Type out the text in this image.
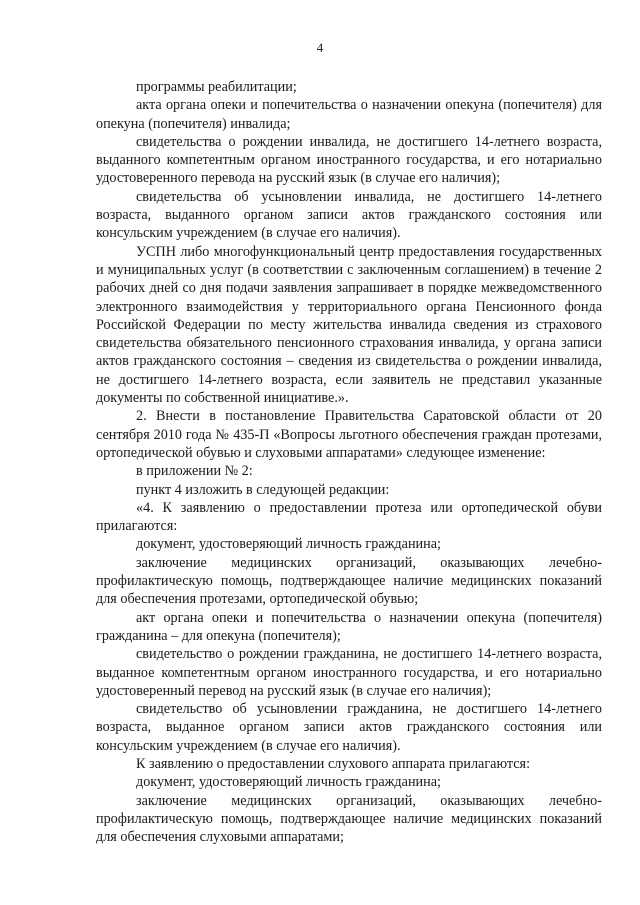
4

программы реабилитации;

акта органа опеки и попечительства о назначении опекуна (попечителя) для опекуна (попечителя) инвалида;

свидетельства о рождении инвалида, не достигшего 14-летнего возраста, выданного компетентным органом иностранного государства, и его нотариально удостоверенного перевода на русский язык (в случае его наличия);

свидетельства об усыновлении инвалида, не достигшего 14-летнего возраста, выданного органом записи актов гражданского состояния или консульским учреждением (в случае его наличия).

УСПН либо многофункциональный центр предоставления государственных и муниципальных услуг (в соответствии с заключенным соглашением) в течение 2 рабочих дней со дня подачи заявления запрашивает в порядке межведомственного электронного взаимодействия у территориального органа Пенсионного фонда Российской Федерации по месту жительства инвалида сведения из страхового свидетельства обязательного пенсионного страхования инвалида, у органа записи актов гражданского состояния – сведения из свидетельства о рождении инвалида, не достигшего 14-летнего возраста, если заявитель не представил указанные документы по собственной инициативе.».

2. Внести в постановление Правительства Саратовской области от 20 сентября 2010 года № 435-П «Вопросы льготного обеспечения граждан протезами, ортопедической обувью и слуховыми аппаратами» следующее изменение:

в приложении № 2:

пункт 4 изложить в следующей редакции:

«4. К заявлению о предоставлении протеза или ортопедической обуви прилагаются:

документ, удостоверяющий личность гражданина;

заключение медицинских организаций, оказывающих лечебно-профилактическую помощь, подтверждающее наличие медицинских показаний для обеспечения протезами, ортопедической обувью;

акт органа опеки и попечительства о назначении опекуна (попечителя) гражданина – для опекуна (попечителя);

свидетельство о рождении гражданина, не достигшего 14-летнего возраста, выданное компетентным органом иностранного государства, и его нотариально удостоверенный перевод на русский язык (в случае его наличия);

свидетельство об усыновлении гражданина, не достигшего 14-летнего возраста, выданное органом записи актов гражданского состояния или консульским учреждением (в случае его наличия).

К заявлению о предоставлении слухового аппарата прилагаются:

документ, удостоверяющий личность гражданина;

заключение медицинских организаций, оказывающих лечебно-профилактическую помощь, подтверждающее наличие медицинских показаний для обеспечения слуховыми аппаратами;
